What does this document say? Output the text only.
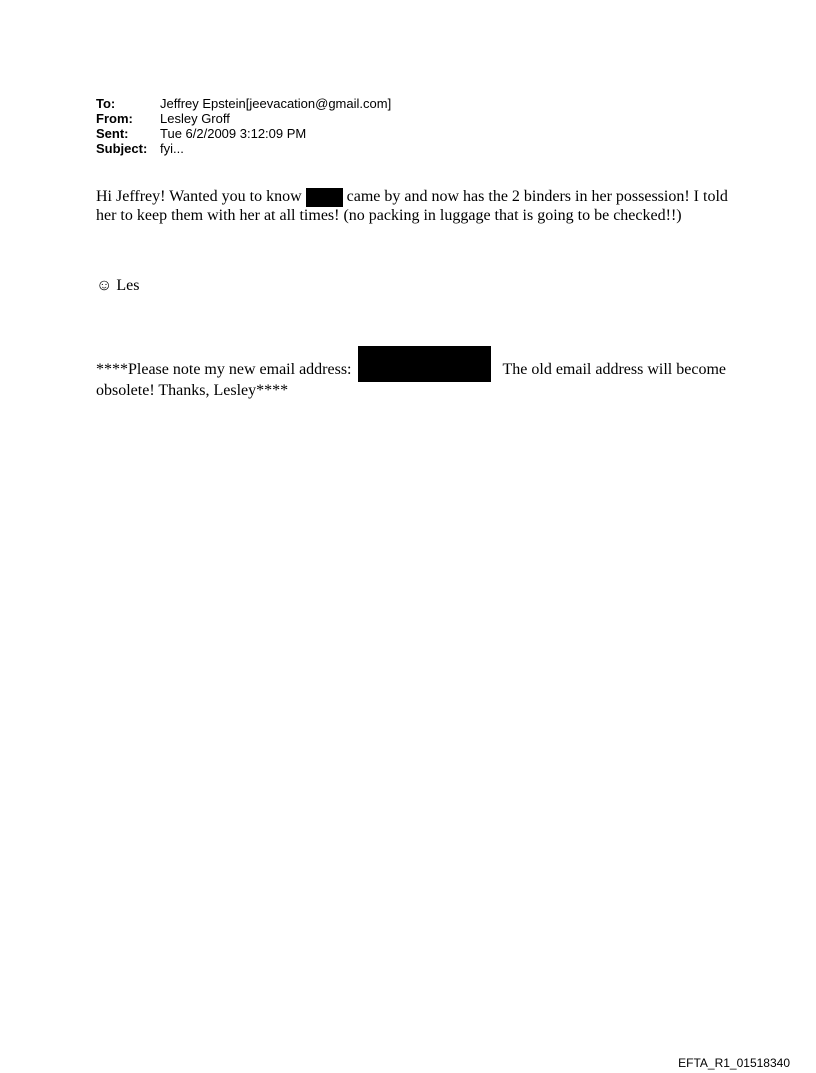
To:	Jeffrey Epstein[jeevacation@gmail.com]
From:	Lesley Groff
Sent:	Tue 6/2/2009 3:12:09 PM
Subject: fyi...
Hi Jeffrey! Wanted you to know	came by and now has the 2 binders in her possession! I told her to keep them with her at all times! (no packing in luggage that is going to be checked!!)
☺ Les
****Please note my new email address:	The old email address will become obsolete! Thanks, Lesley****
EFTA_R1_01518340
